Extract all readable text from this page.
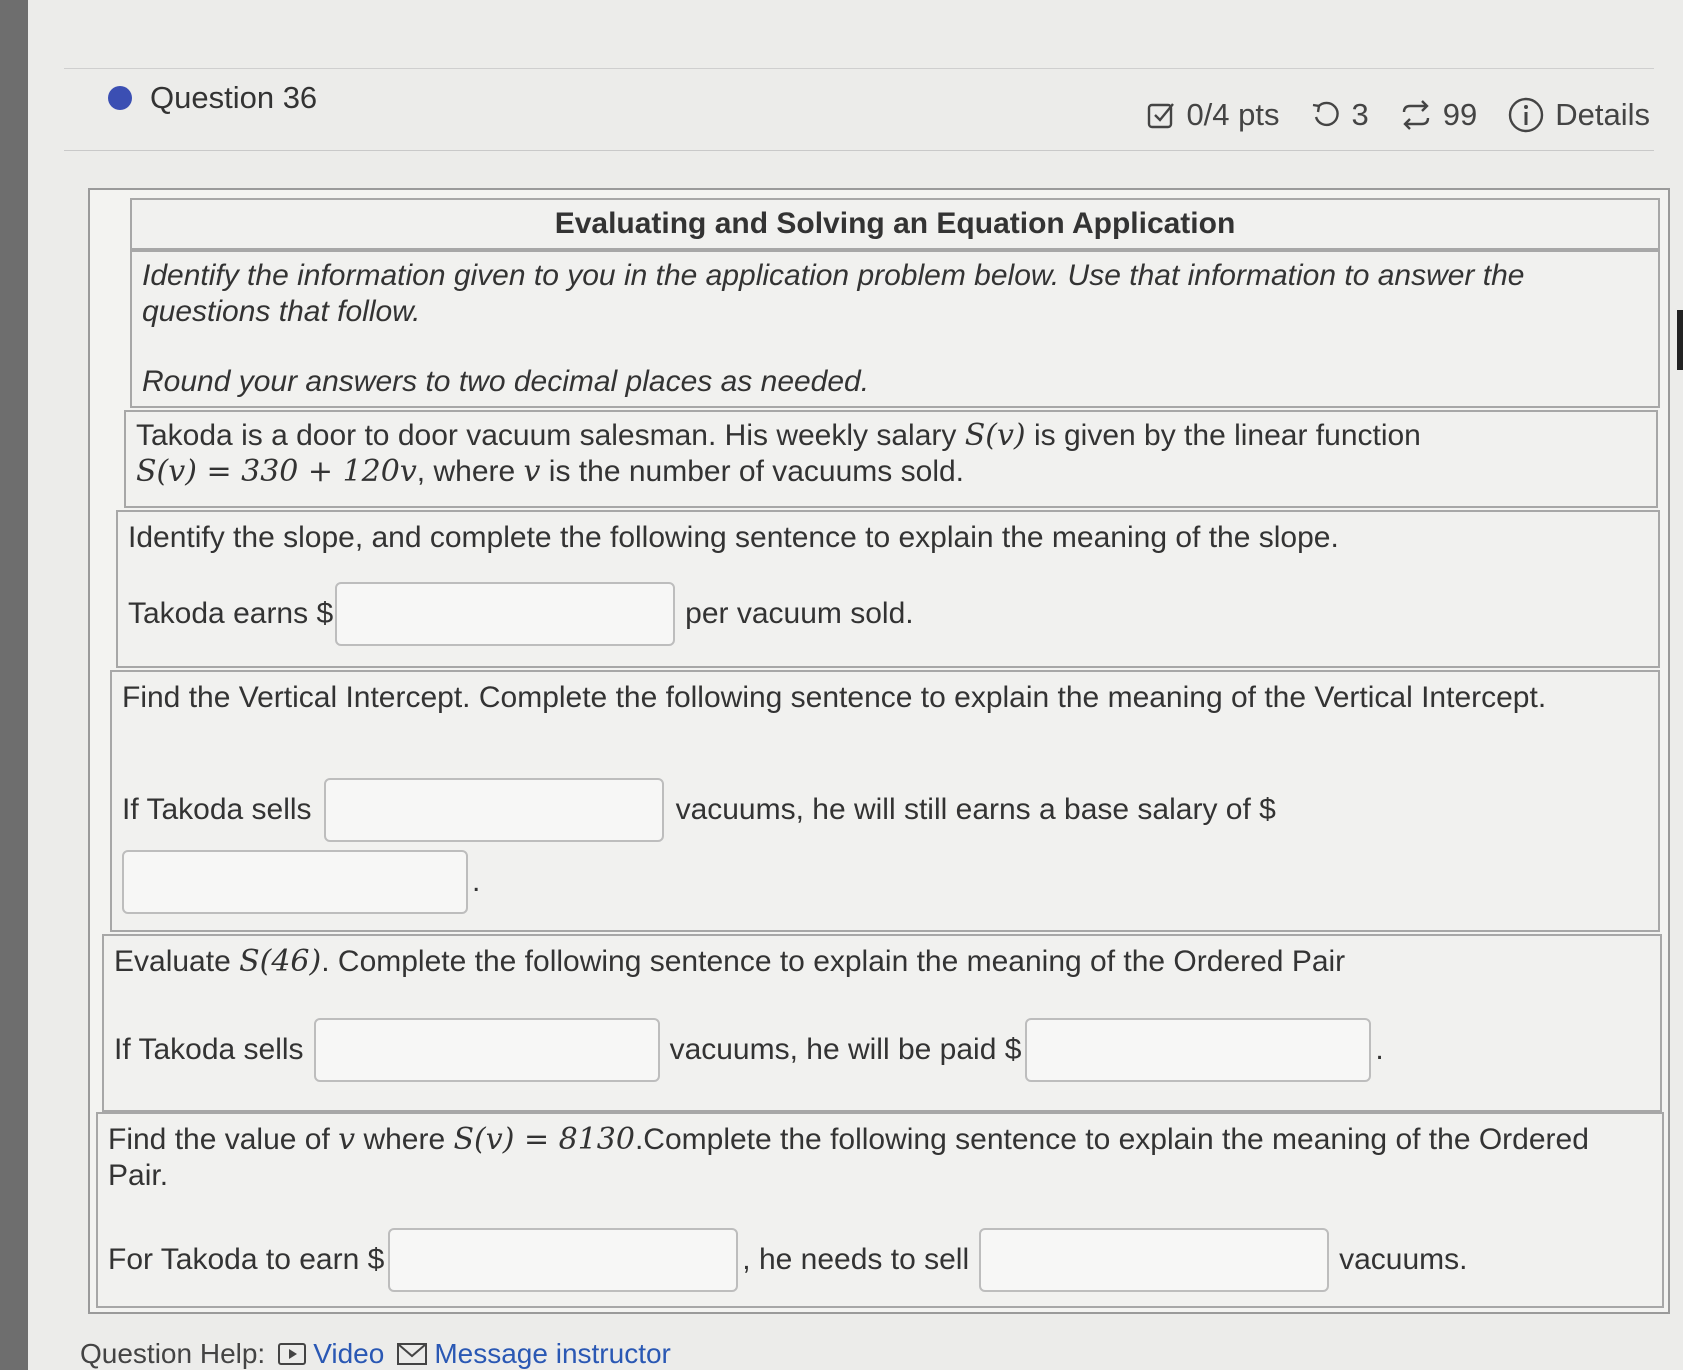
Question 36	0/4 pts 3 99	Details

Evaluating and Solving an Equation Application

Identify the information given to you in the application problem below. Use that information to answer the questions that follow.

Round your answers to two decimal places as needed.

Takoda is a door to door vacuum salesman. His weekly salary S(v) is given by the linear function
S(v) = 330 + 120v, where v is the number of vacuums sold.

Identify the slope, and complete the following sentence to explain the meaning of the slope.

Takoda earns $	per vacuum sold.

Find the Vertical Intercept. Complete the following sentence to explain the meaning of the Vertical Intercept.

If Takoda sells	vacuums, he will still earns a base salary of $
.

Evaluate S(46). Complete the following sentence to explain the meaning of the Ordered Pair

If Takoda sells	vacuums, he will be paid $	.

Find the value of v where S(v) = 8130.Complete the following sentence to explain the meaning of the Ordered Pair.

For Takoda to earn $	, he needs to sell	vacuums.
Question Help: Video Message instructor
